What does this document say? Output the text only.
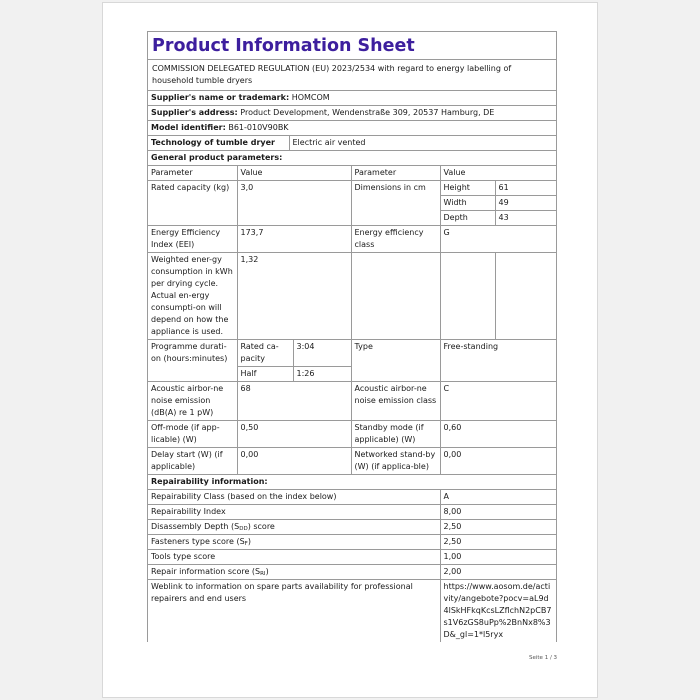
Product Information Sheet
COMMISSION DELEGATED REGULATION (EU) 2023/2534 with regard to energy labelling of household tumble dryers
Supplier's name or trademark: HOMCOM
Supplier's address: Product Development, Wendenstraße 309, 20537 Hamburg, DE
Model identifier: B61-010V90BK
Technology of tumble dryer	Electric air vented
General product parameters:
Parameter	Value		Parameter	Value	
Rated capacity (kg)	3,0		Dimensions in cm	Height	61
				Width	49
				Depth	43
Energy Efficiency Index (EEI)	173,7		Energy efficiency class	G	
Weighted ener-gy consumption in kWh per drying cycle. Actual en-ergy consumpti-on will depend on how the appliance is used.	1,32				
Programme durati-on (hours:minutes)	Rated ca-pacity	3:04	Type	Free-standing	
	Half	1:26			
Acoustic airbor-ne noise emission (dB(A) re 1 pW)	68		Acoustic airbor-ne noise emission class	C	
Off-mode (if app-licable) (W)	0,50		Standby mode (if applicable) (W)	0,60	
Delay start (W) (if applicable)	0,00		Networked stand-by (W) (if applica-ble)	0,00	
Repairability information:
Repairability Class (based on the index below)	A
Repairability Index	8,00
Disassembly Depth $(S_{DD})$ score	2,50
Fasteners type score $(S_F)$	2,50
Tools type score	1,00
Repair information score $(S_{RI})$	2,00
Weblink to information on spare parts availability for professional repairers and end users	https://www.aosom.de/activity/angebote?pocv=aL9d4lSkHFkqKcsLZflchN2pCB7s1V6zGS8uPp%2BnNx8%3D&_gl=1*l5ryx
Seite 1 / 3
